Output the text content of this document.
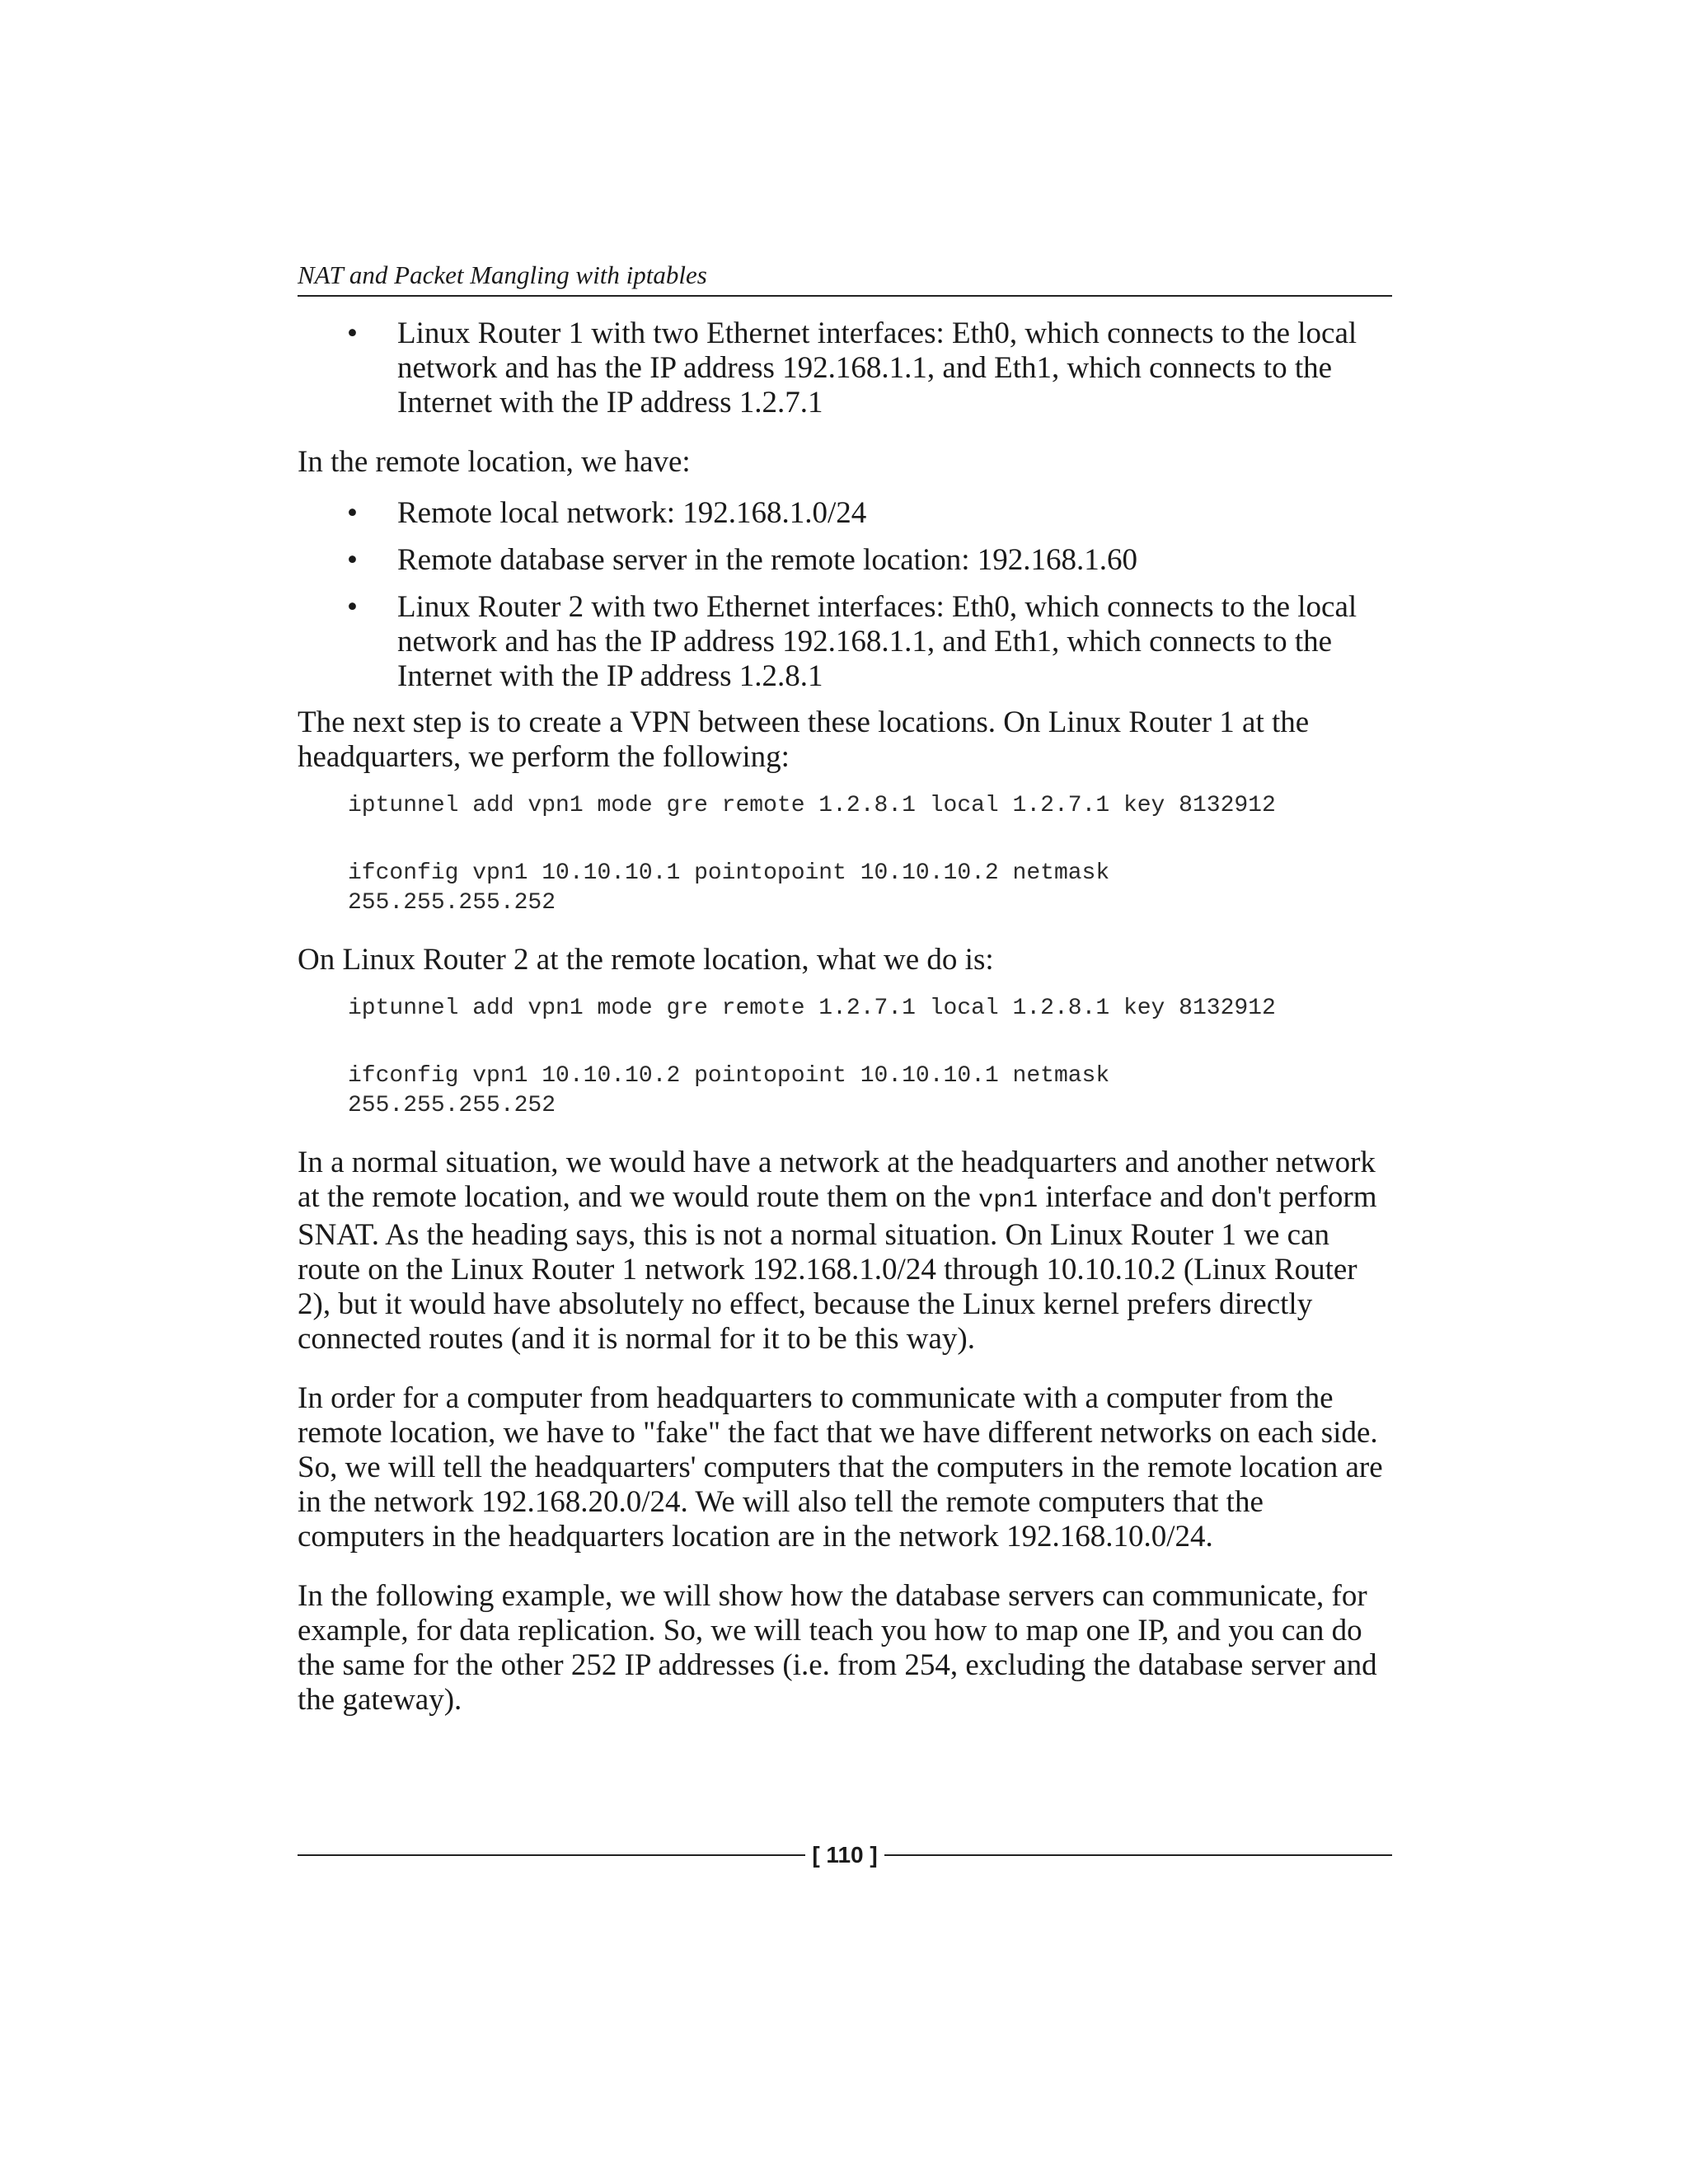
NAT and Packet Mangling with iptables
• Linux Router 1 with two Ethernet interfaces: Eth0, which connects to the local network and has the IP address 192.168.1.1, and Eth1, which connects to the Internet with the IP address 1.2.7.1

In the remote location, we have:

• Remote local network: 192.168.1.0/24
• Remote database server in the remote location: 192.168.1.60
• Linux Router 2 with two Ethernet interfaces: Eth0, which connects to the local network and has the IP address 192.168.1.1, and Eth1, which connects to the Internet with the IP address 1.2.8.1

The next step is to create a VPN between these locations. On Linux Router 1 at the headquarters, we perform the following:

iptunnel add vpn1 mode gre remote 1.2.8.1 local 1.2.7.1 key 8132912
ifconfig vpn1 10.10.10.1 pointopoint 10.10.10.2 netmask
255.255.255.252

On Linux Router 2 at the remote location, what we do is:

iptunnel add vpn1 mode gre remote 1.2.7.1 local 1.2.8.1 key 8132912
ifconfig vpn1 10.10.10.2 pointopoint 10.10.10.1 netmask
255.255.255.252

In a normal situation, we would have a network at the headquarters and another network at the remote location, and we would route them on the vpn1 interface and don't perform SNAT. As the heading says, this is not a normal situation. On Linux Router 1 we can route on the Linux Router 1 network 192.168.1.0/24 through 10.10.10.2 (Linux Router 2), but it would have absolutely no effect, because the Linux kernel prefers directly connected routes (and it is normal for it to be this way).

In order for a computer from headquarters to communicate with a computer from the remote location, we have to "fake" the fact that we have different networks on each side. So, we will tell the headquarters' computers that the computers in the remote location are in the network 192.168.20.0/24. We will also tell the remote computers that the computers in the headquarters location are in the network 192.168.10.0/24.

In the following example, we will show how the database servers can communicate, for example, for data replication. So, we will teach you how to map one IP, and you can do the same for the other 252 IP addresses (i.e. from 254, excluding the database server and the gateway).

[ 110 ]
